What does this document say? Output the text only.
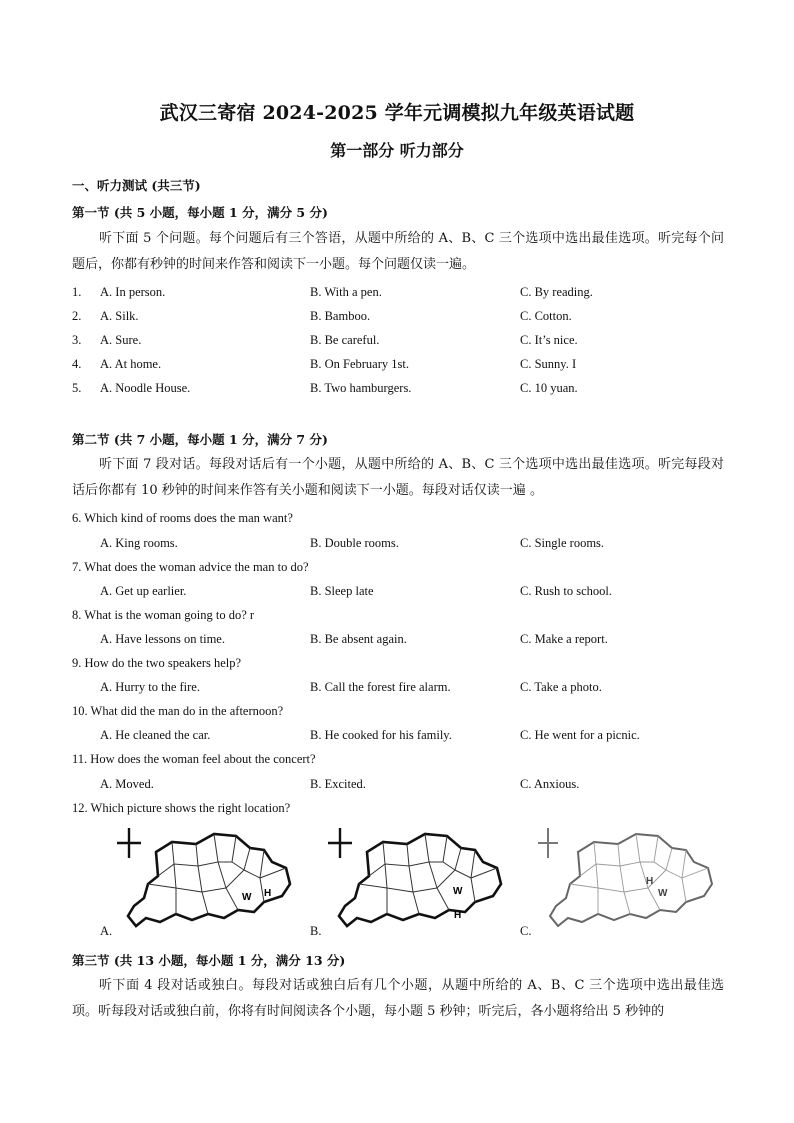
武汉三寄宿 2024-2025 学年元调模拟九年级英语试题
第一部分 听力部分
一、听力测试 (共三节)
第一节 (共 5 小题，每小题 1 分，满分 5 分)
听下面 5 个问题。每个问题后有三个答语，从题中所给的 A、B、C 三个选项中选出最佳选项。听完每个问题后，你都有秒钟的时间来作答和阅读下一小题。每个问题仅读一遍。
1. A. In person.	B. With a pen.	C. By reading.
2. A. Silk.	B. Bamboo.	C. Cotton.
3. A. Sure.	B. Be careful.	C. It’s nice.
4. A. At home.	B. On February 1st.	C. Sunny. I
5. A. Noodle House.	B. Two hamburgers.	C. 10 yuan.
第二节 (共 7 小题，每小题 1 分，满分 7 分)
听下面 7 段对话。每段对话后有一个小题，从题中所给的 A、B、C 三个选项中选出最佳选项。听完每段对话后你都有 10 秒钟的时间来作答有关小题和阅读下一小题。每段对话仅读一遍 。
6. Which kind of rooms does the man want?
A. King rooms.	B. Double rooms.	C. Single rooms.
7. What does the woman advice the man to do?
A. Get up earlier.	B. Sleep late	C. Rush to school.
8. What is the woman going to do? r
A. Have lessons on time.	B. Be absent again.	C. Make a report.
9. How do the two speakers help?
A. Hurry to the fire.	B. Call the forest fire alarm.	C. Take a photo.
10. What did the man do in the afternoon?
A. He cleaned the car.	B. He cooked for his family.	C. He went for a picnic.
11. How does the woman feel about the concert?
A. Moved.	B. Excited.	C. Anxious.
12. Which picture shows the right location?
W H
A.
W
H
B.
H
W
C.
第三节 (共 13 小题，每小题 1 分，满分 13 分)
听下面 4 段对话或独白。每段对话或独白后有几个小题，从题中所给的 A、B、C 三个选项中选出最佳选项。听每段对话或独白前，你将有时间阅读各个小题，每小题 5 秒钟；听完后，各小题将给出 5 秒钟的
